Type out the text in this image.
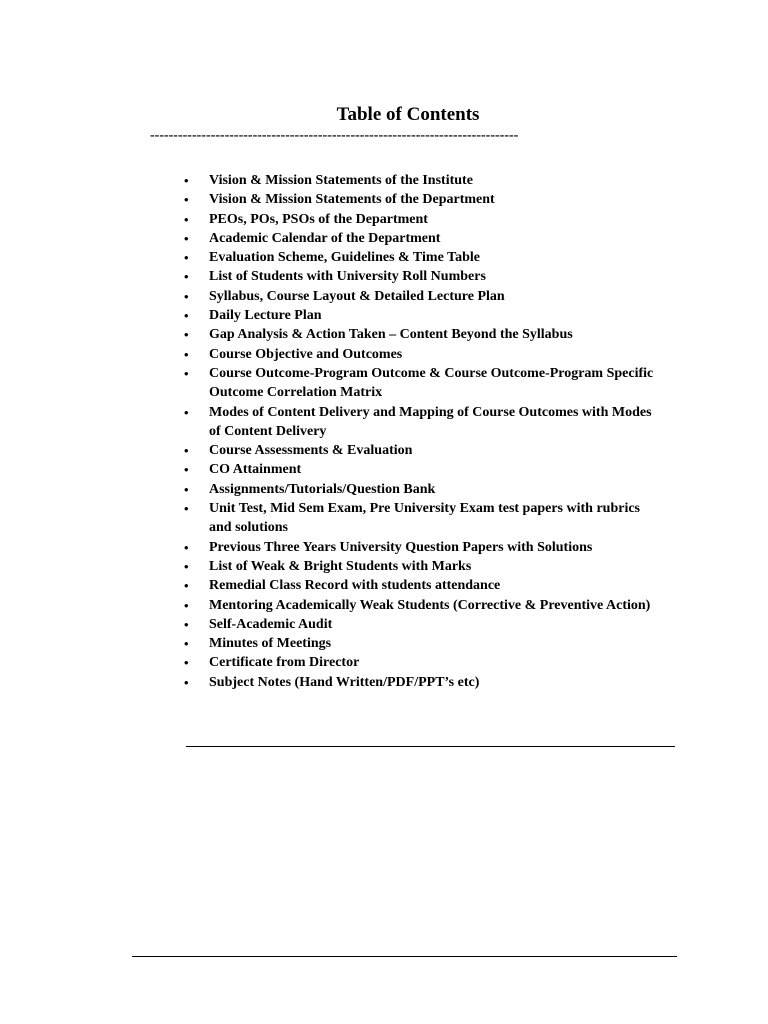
Table of Contents
-------------------------------------------------------------------------------
• Vision & Mission Statements of the Institute
• Vision & Mission Statements of the Department
• PEOs, POs, PSOs of the Department
• Academic Calendar of the Department
• Evaluation Scheme, Guidelines & Time Table
• List of Students with University Roll Numbers
• Syllabus, Course Layout & Detailed Lecture Plan
• Daily Lecture Plan
• Gap Analysis & Action Taken – Content Beyond the Syllabus
• Course Objective and Outcomes
• Course Outcome-Program Outcome & Course Outcome-Program Specific Outcome Correlation Matrix
• Modes of Content Delivery and Mapping of Course Outcomes with Modes of Content Delivery
• Course Assessments & Evaluation
• CO Attainment
• Assignments/Tutorials/Question Bank
• Unit Test, Mid Sem Exam, Pre University Exam test papers with rubrics and solutions
• Previous Three Years University Question Papers with Solutions
• List of Weak & Bright Students with Marks
• Remedial Class Record with students attendance
• Mentoring Academically Weak Students (Corrective & Preventive Action)
• Self-Academic Audit
• Minutes of Meetings
• Certificate from Director
• Subject Notes (Hand Written/PDF/PPT’s etc)
